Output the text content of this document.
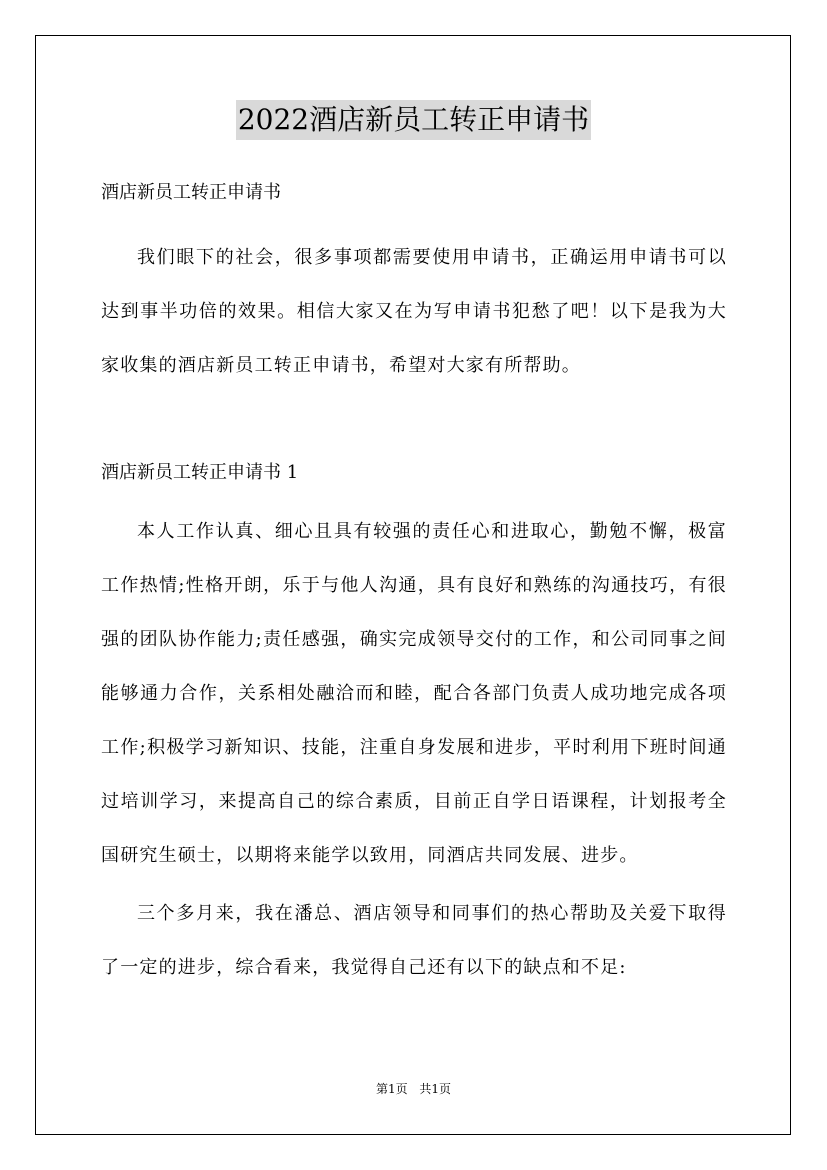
2022酒店新员工转正申请书

酒店新员工转正申请书

我们眼下的社会，很多事项都需要使用申请书，正确运用申请书可以达到事半功倍的效果。相信大家又在为写申请书犯愁了吧！以下是我为大家收集的酒店新员工转正申请书，希望对大家有所帮助。

酒店新员工转正申请书 1

本人工作认真、细心且具有较强的责任心和进取心，勤勉不懈，极富工作热情;性格开朗，乐于与他人沟通，具有良好和熟练的沟通技巧，有很强的团队协作能力;责任感强，确实完成领导交付的工作，和公司同事之间能够通力合作，关系相处融洽而和睦，配合各部门负责人成功地完成各项工作;积极学习新知识、技能，注重自身发展和进步，平时利用下班时间通过培训学习，来提高自己的综合素质，目前正自学日语课程，计划报考全国研究生硕士，以期将来能学以致用，同酒店共同发展、进步。

三个多月来，我在潘总、酒店领导和同事们的热心帮助及关爱下取得了一定的进步，综合看来，我觉得自己还有以下的缺点和不足:

第1页 共1页
